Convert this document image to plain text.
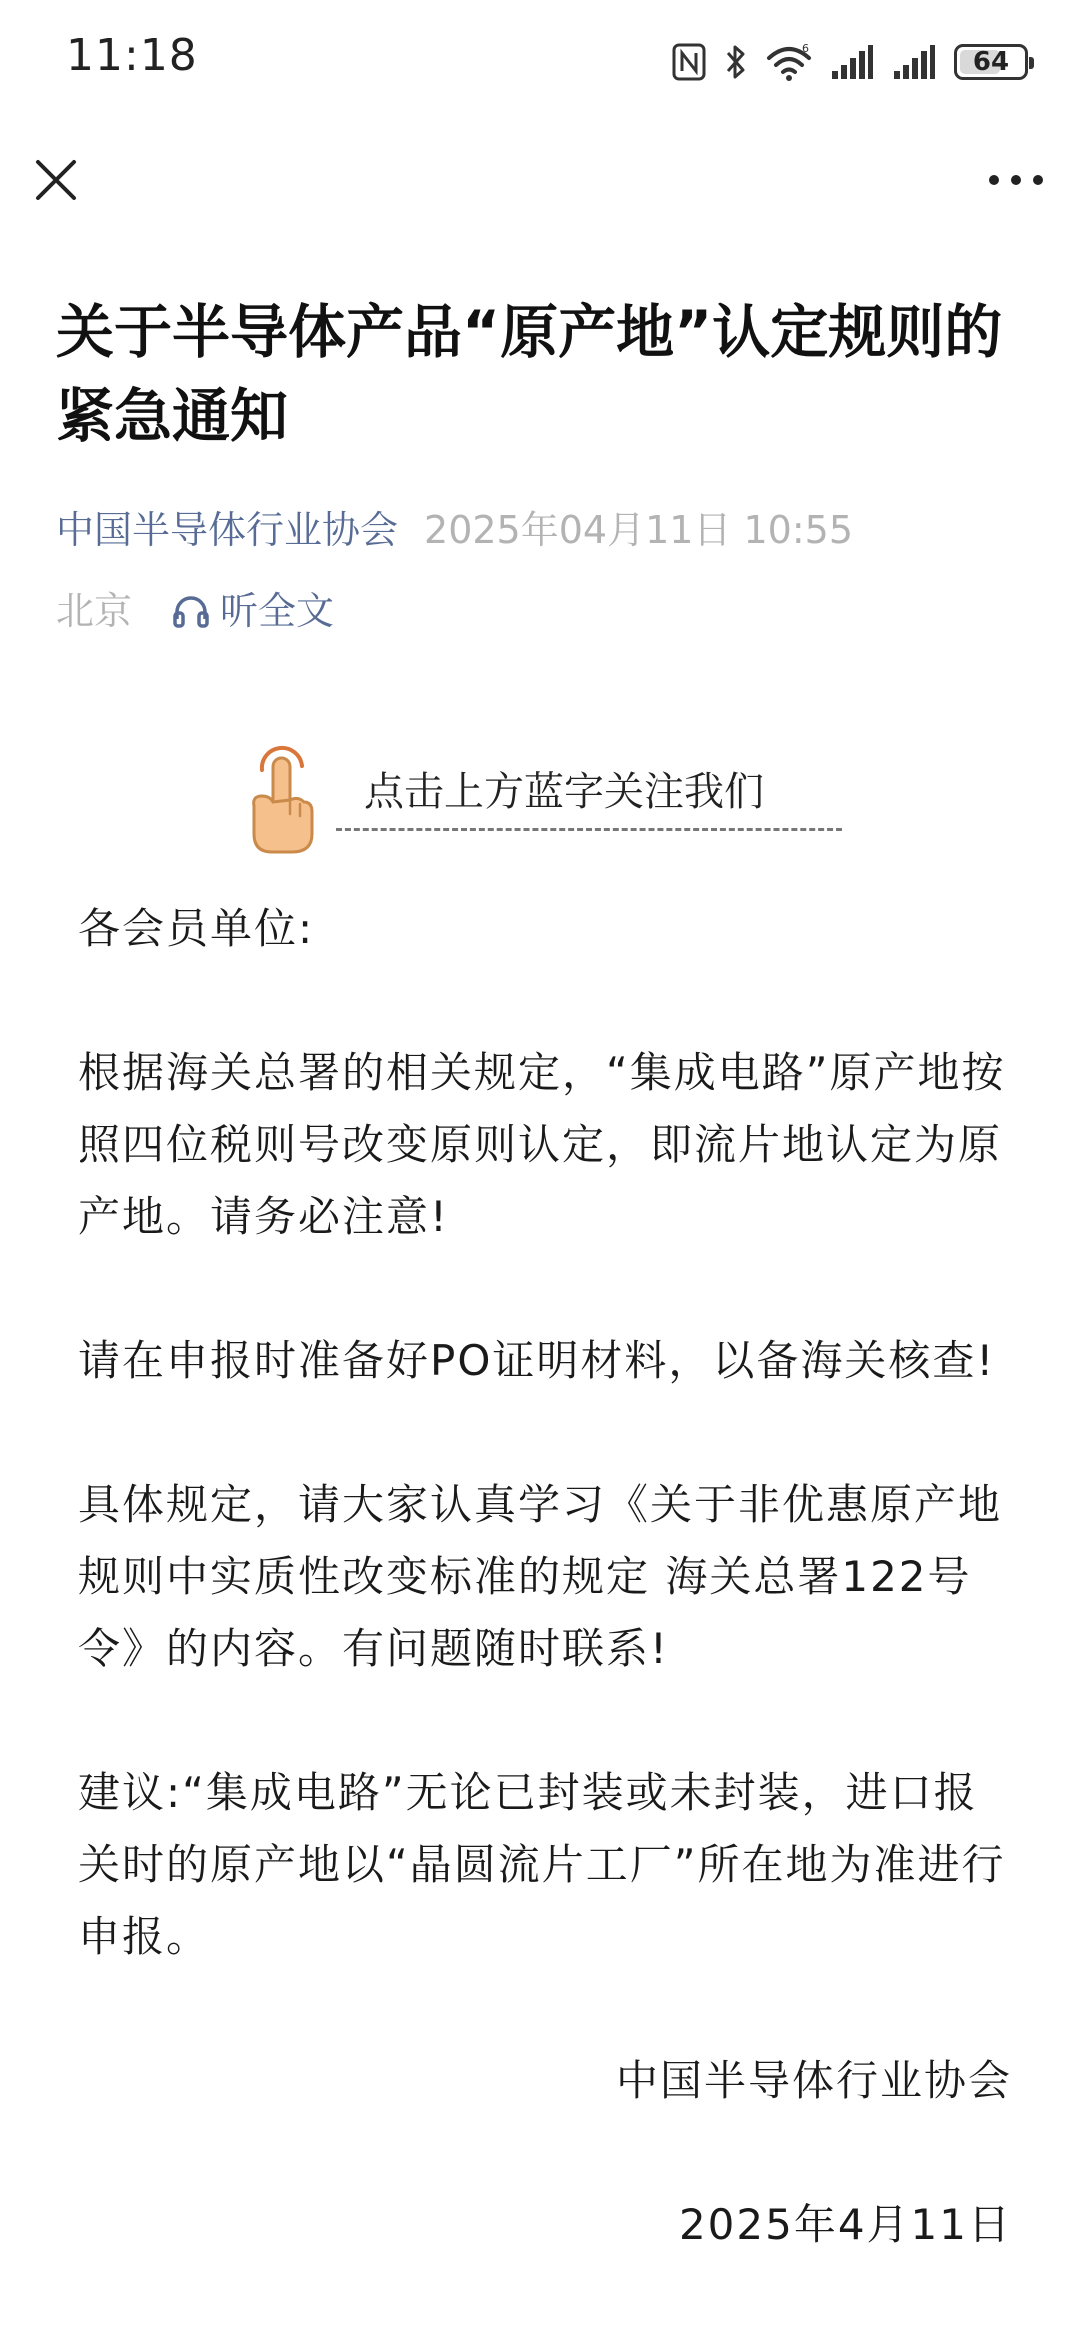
11:18	6	64
关于半导体产品“原产地”认定规则的紧急通知
中国半导体行业协会 2025年04月11日 10:55
北京 听全文
点击上方蓝字关注我们

各会员单位:

根据海关总署的相关规定，“集成电路”原产地按照四位税则号改变原则认定，即流片地认定为原产地。请务必注意!

请在申报时准备好PO证明材料，以备海关核查!

具体规定，请大家认真学习《关于非优惠原产地规则中实质性改变标准的规定 海关总署122号令》的内容。有问题随时联系!

建议:“集成电路”无论已封装或未封装，进口报关时的原产地以“晶圆流片工厂”所在地为准进行申报。

中国半导体行业协会

2025年4月11日
